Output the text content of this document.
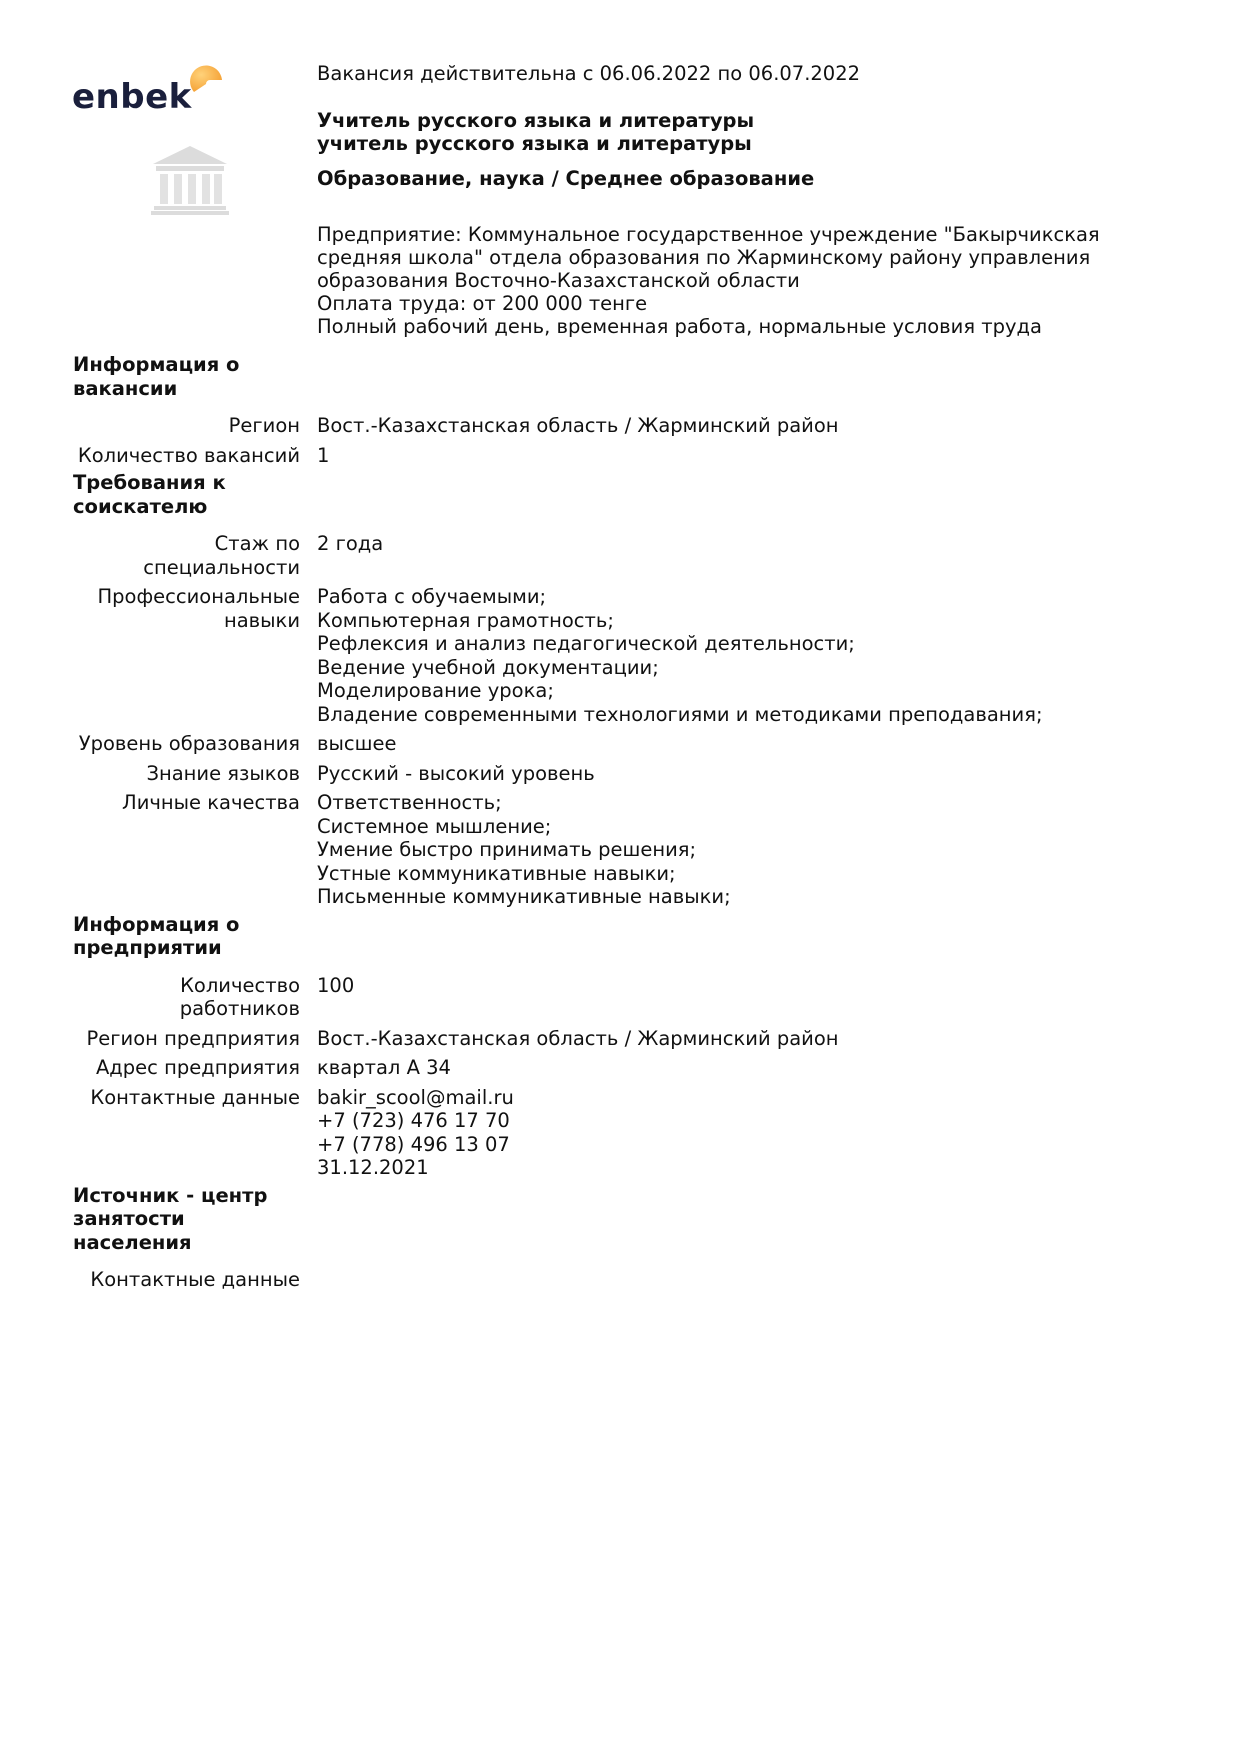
enbek
Вакансия действительна с 06.06.2022 по 06.07.2022
Учитель русского языка и литературы
учитель русского языка и литературы
Образование, наука / Среднее образование
Предприятие: Коммунальное государственное учреждение "Бакырчикская
средняя школа" отдела образования по Жарминскому району управления
образования Восточно-Казахстанской области
Оплата труда: от 200 000 тенге
Полный рабочий день, временная работа, нормальные условия труда
Информация о вакансии
Регион Вост.-Казахстанская область / Жарминский район
Количество вакансий 1
Требования к соискателю
Стаж по специальности
2 года
Профессиональные навыки
Работа с обучаемыми;
Компьютерная грамотность;
Рефлексия и анализ педагогической деятельности;
Ведение учебной документации;
Моделирование урока;
Владение современными технологиями и методиками преподавания;
Уровень образования высшее
Знание языков Русский - высокий уровень
Личные качества Ответственность;
Системное мышление;
Умение быстро принимать решения;
Устные коммуникативные навыки;
Письменные коммуникативные навыки;
Информация о предприятии
Количество работников
100
Регион предприятия Вост.-Казахстанская область / Жарминский район
Адрес предприятия квартал А 34
Контактные данные bakir_scool@mail.ru
+7 (723) 476 17 70
+7 (778) 496 13 07
31.12.2021
Источник - центр занятости населения
Контактные данные
